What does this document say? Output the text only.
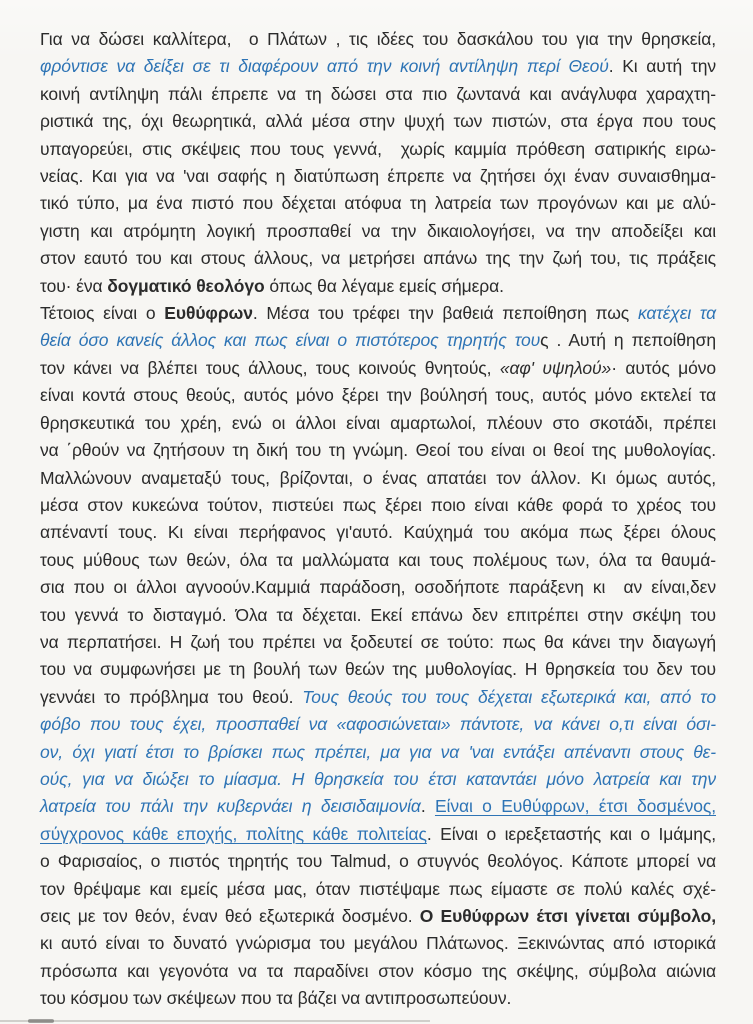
Για να δώσει καλλίτερα,  ο Πλάτων , τις ιδέες του δασκάλου του για την θρησκεία,
φρόντισε να δείξει σε τι διαφέρουν από την κοινή αντίληψη περί Θεού. Κι αυτή την
κοινή αντίληψη πάλι έπρεπε να τη δώσει στα πιο ζωντανά και ανάγλυφα χαραχτη-
ριστικά της, όχι θεωρητικά, αλλά μέσα στην ψυχή των πιστών, στα έργα που τους
υπαγορεύει, στις σκέψεις που τους γεννά,  χωρίς καμμία πρόθεση σατιρικής ειρω-
νείας. Και για να 'ναι σαφής η διατύπωση έπρεπε να ζητήσει όχι έναν συναισθημα-
τικό τύπο, μα ένα πιστό που δέχεται ατόφυα τη λατρεία των προγόνων και με αλύ-
γιστη και ατρόμητη λογική προσπαθεί να την δικαιολογήσει, να την αποδείξει και
στον εαυτό του και στους άλλους, να μετρήσει απάνω της την ζωή του, τις πράξεις
του· ένα δογματικό θεολόγο όπως θα λέγαμε εμείς σήμερα.
Τέτοιος είναι ο Ευθύφρων. Μέσα του τρέφει την βαθειά πεποίθηση πως κατέχει τα
θεία όσο κανείς άλλος και πως είναι ο πιστότερος τηρητής τους . Αυτή η πεποίθηση
τον κάνει να βλέπει τους άλλους, τους κοινούς θνητούς, «αφ' υψηλού»· αυτός μόνο
είναι κοντά στους θεούς, αυτός μόνο ξέρει την βούλησή τους, αυτός μόνο εκτελεί τα
θρησκευτικά του χρέη, ενώ οι άλλοι είναι αμαρτωλοί, πλέουν στο σκοτάδι, πρέπει
να ΄ρθούν να ζητήσουν τη δική του τη γνώμη. Θεοί του είναι οι θεοί της μυθολογίας.
Μαλλώνουν αναμεταξύ τους, βρίζονται, ο ένας απατάει τον άλλον. Κι όμως αυτός,
μέσα στον κυκεώνα τούτον, πιστεύει πως ξέρει ποιο είναι κάθε φορά το χρέος του
απέναντί τους. Κι είναι περήφανος γι'αυτό. Καύχημά του ακόμα πως ξέρει όλους
τους μύθους των θεών, όλα τα μαλλώματα και τους πολέμους των, όλα τα θαυμά-
σια που οι άλλοι αγνοούν.Καμμιά παράδοση, οσοδήποτε παράξενη κι  αν είναι,δεν
του γεννά το δισταγμό. Όλα τα δέχεται. Εκεί επάνω δεν επιτρέπει στην σκέψη του
να περπατήσει. Η ζωή του πρέπει να ξοδευτεί σε τούτο: πως θα κάνει την διαγωγή
του να συμφωνήσει με τη βουλή των θεών της μυθολογίας. Η θρησκεία του δεν του
γεννάει το πρόβλημα του θεού. Τους θεούς του τους δέχεται εξωτερικά και, από το
φόβο που τους έχει, προσπαθεί να «αφοσιώνεται» πάντοτε, να κάνει ο,τι είναι όσι-
ον, όχι γιατί έτσι το βρίσκει πως πρέπει, μα για να 'ναι εντάξει απέναντι στους θε-
ούς, για να διώξει το μίασμα. Η θρησκεία του έτσι καταντάει μόνο λατρεία και την
λατρεία του πάλι την κυβερνάει η δεισιδαιμονία. Είναι ο Ευθύφρων, έτσι δοσμένος,
σύγχρονος κάθε εποχής, πολίτης κάθε πολιτείας. Είναι ο ιερεξεταστής και ο Ιμάμης,
ο Φαρισαίος, ο πιστός τηρητής του Talmud, ο στυγνός θεολόγος. Κάποτε μπορεί να
τον θρέψαμε και εμείς μέσα μας, όταν πιστέψαμε πως είμαστε σε πολύ καλές σχέ-
σεις με τον θεόν, έναν θεό εξωτερικά δοσμένο. Ο Ευθύφρων έτσι γίνεται σύμβολο,
κι αυτό είναι το δυνατό γνώρισμα του μεγάλου Πλάτωνος. Ξεκινώντας από ιστορικά
πρόσωπα και γεγονότα να τα παραδίνει στον κόσμο της σκέψης, σύμβολα αιώνια
του κόσμου των σκέψεων που τα βάζει να αντιπροσωπεύουν.
